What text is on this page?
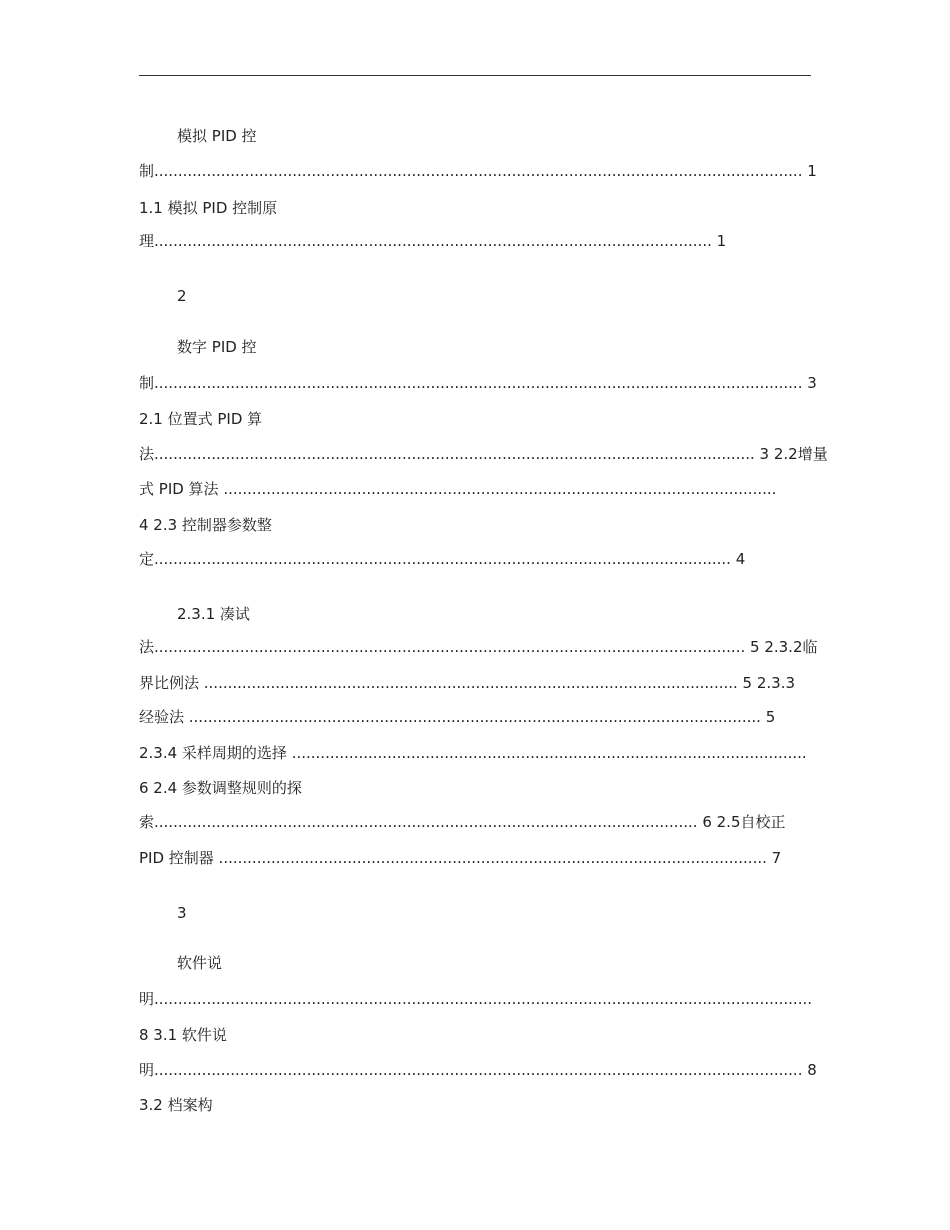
模拟 PID 控
制........................................................................................................................................ 1
1.1 模拟 PID 控制原
理..................................................................................................................... 1
2
数字 PID 控
制........................................................................................................................................ 3
2.1 位置式 PID 算
法.............................................................................................................................. 3 2.2增量
式 PID 算法 ....................................................................................................................
4 2.3 控制器参数整
定......................................................................................................................... 4
2.3.1 凑试
法............................................................................................................................ 5 2.3.2临
界比例法 ................................................................................................................ 5 2.3.3
经验法 ........................................................................................................................ 5
2.3.4 采样周期的选择 ............................................................................................................
6 2.4 参数调整规则的探
索.................................................................................................................. 6 2.5自校正
PID 控制器 ................................................................................................................... 7
3
软件说
明..........................................................................................................................................
8 3.1 软件说
明........................................................................................................................................ 8
3.2 档案构
